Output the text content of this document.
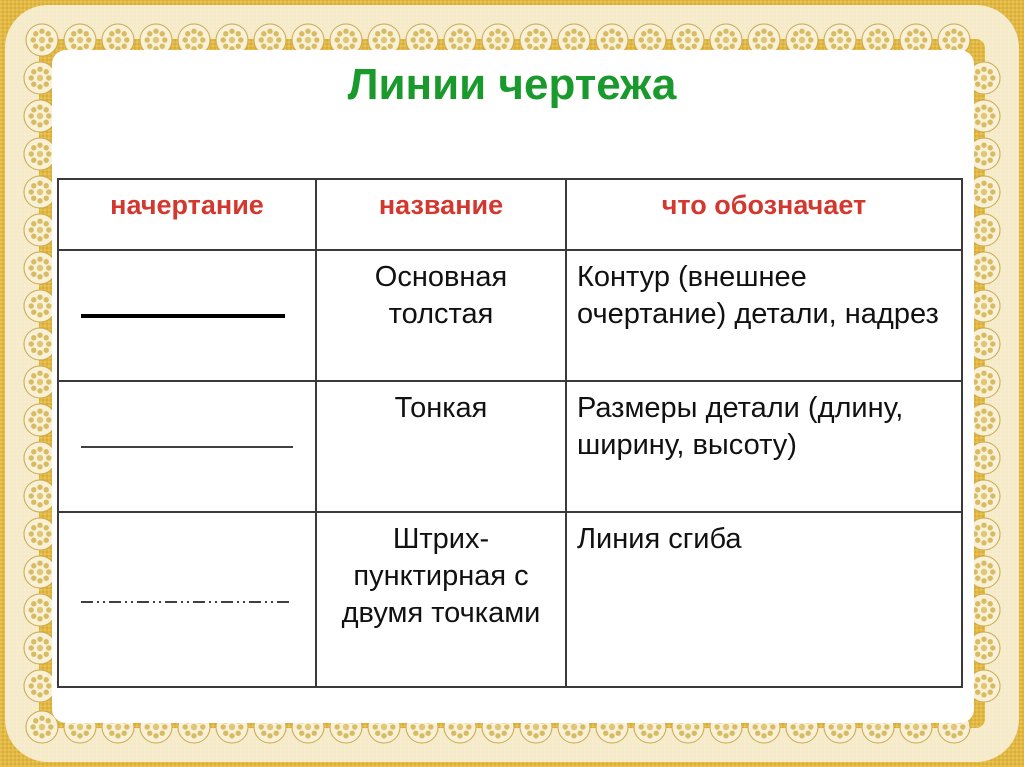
Линии чертежа
начертание	название	что обозначает

	Основная толстая	Контур (внешнее очертание) детали, надрез

	Тонкая	Размеры детали (длину, ширину, высоту)

	Штрих-пунктирная с двумя точками	Линия сгиба
